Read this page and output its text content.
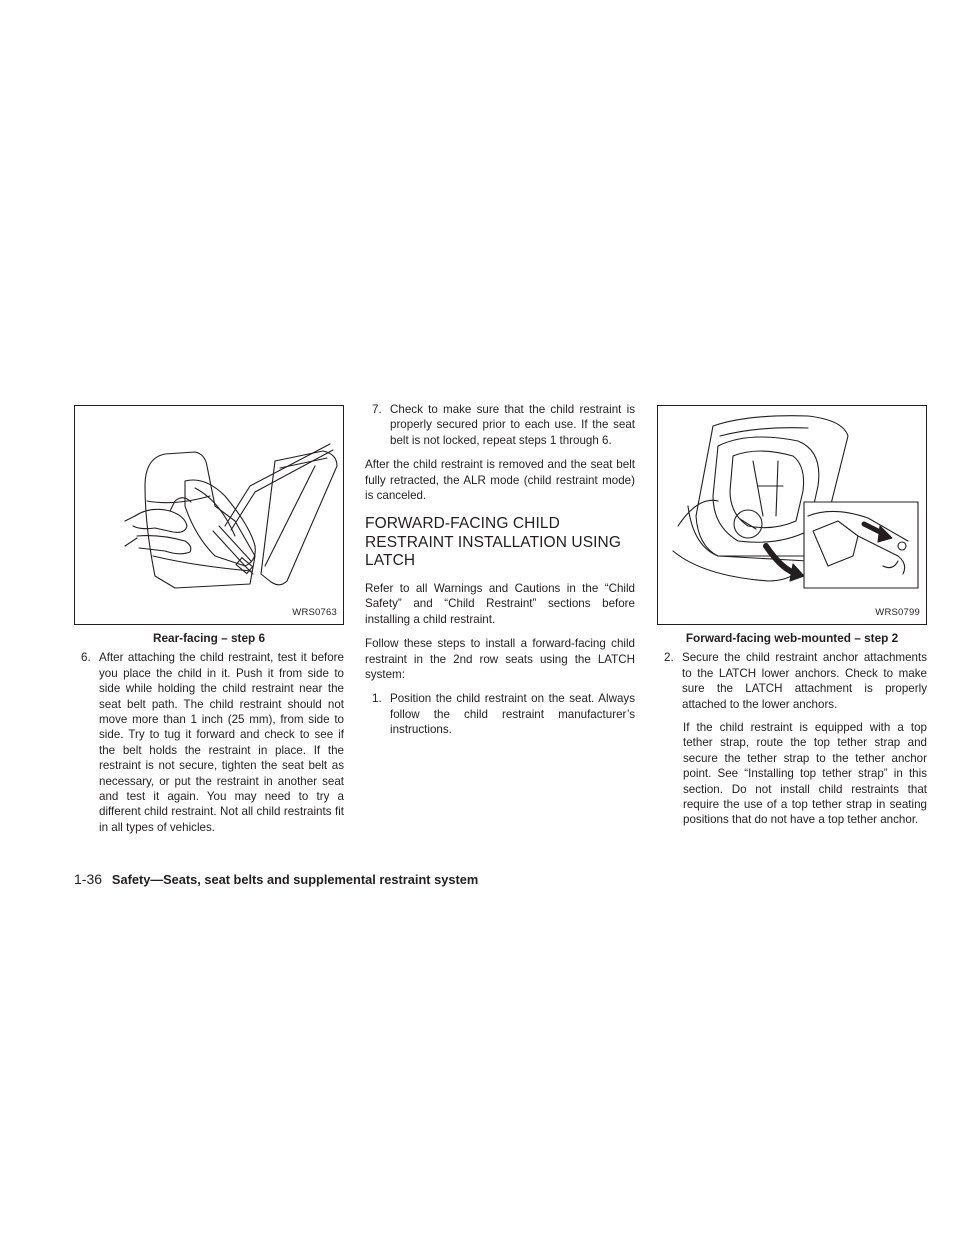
WRS0763
Rear-facing – step 6
6. After attaching the child restraint, test it before you place the child in it. Push it from side to side while holding the child restraint near the seat belt path. The child restraint should not move more than 1 inch (25 mm), from side to side. Try to tug it forward and check to see if the belt holds the restraint in place. If the restraint is not secure, tighten the seat belt as necessary, or put the restraint in another seat and test it again. You may need to try a different child restraint. Not all child restraints fit in all types of vehicles.
7. Check to make sure that the child restraint is properly secured prior to each use. If the seat belt is not locked, repeat steps 1 through 6.

After the child restraint is removed and the seat belt fully retracted, the ALR mode (child restraint mode) is canceled.

FORWARD-FACING CHILD RESTRAINT INSTALLATION USING LATCH

Refer to all Warnings and Cautions in the “Child Safety” and “Child Restraint” sections before installing a child restraint.

Follow these steps to install a forward-facing child restraint in the 2nd row seats using the LATCH system:

1. Position the child restraint on the seat. Always follow the child restraint manufacturer’s instructions.
WRS0799
Forward-facing web-mounted – step 2
2. Secure the child restraint anchor attachments to the LATCH lower anchors. Check to make sure the LATCH attachment is properly attached to the lower anchors.

If the child restraint is equipped with a top tether strap, route the top tether strap and secure the tether strap to the tether anchor point. See “Installing top tether strap” in this section. Do not install child restraints that require the use of a top tether strap in seating positions that do not have a top tether anchor.

1-36 Safety—Seats, seat belts and supplemental restraint system
